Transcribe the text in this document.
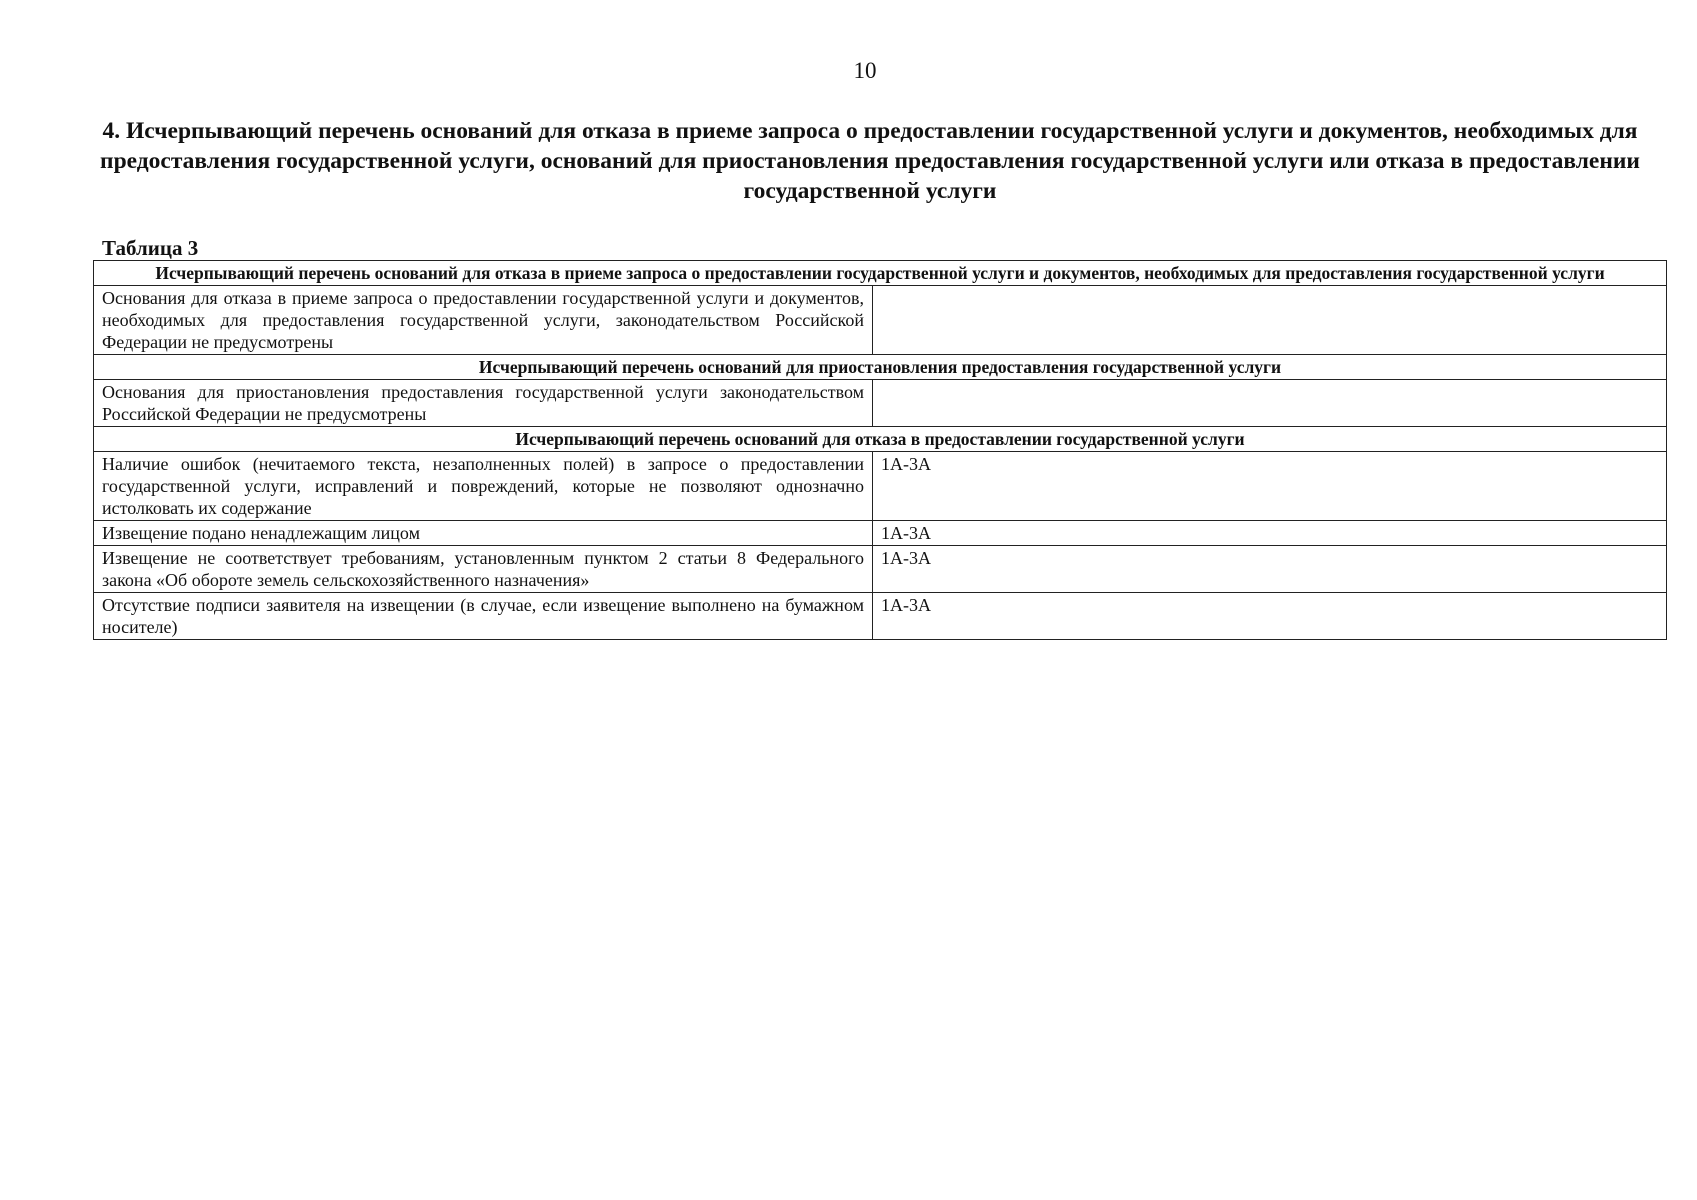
10
4. Исчерпывающий перечень оснований для отказа в приеме запроса о предоставлении государственной услуги и документов, необходимых для предоставления государственной услуги, оснований для приостановления предоставления государственной услуги или отказа в предоставлении государственной услуги
Таблица 3
Исчерпывающий перечень оснований для отказа в приеме запроса о предоставлении государственной услуги и документов, необходимых для предоставления государственной услуги	
Основания для отказа в приеме запроса о предоставлении государственной услуги и документов, необходимых для предоставления государственной услуги, законодательством Российской Федерации не предусмотрены	
Исчерпывающий перечень оснований для приостановления предоставления государственной услуги	
Основания для приостановления предоставления государственной услуги законодательством Российской Федерации не предусмотрены	
Исчерпывающий перечень оснований для отказа в предоставлении государственной услуги	
Наличие ошибок (нечитаемого текста, незаполненных полей) в запросе о предоставлении государственной услуги, исправлений и повреждений, которые не позволяют однозначно истолковать их содержание	1А-3А
Извещение подано ненадлежащим лицом	1А-3А
Извещение не соответствует требованиям, установленным пунктом 2 статьи 8 Федерального закона «Об обороте земель сельскохозяйственного назначения»	1А-3А
Отсутствие подписи заявителя на извещении (в случае, если извещение выполнено на бумажном носителе)	1А-3А
